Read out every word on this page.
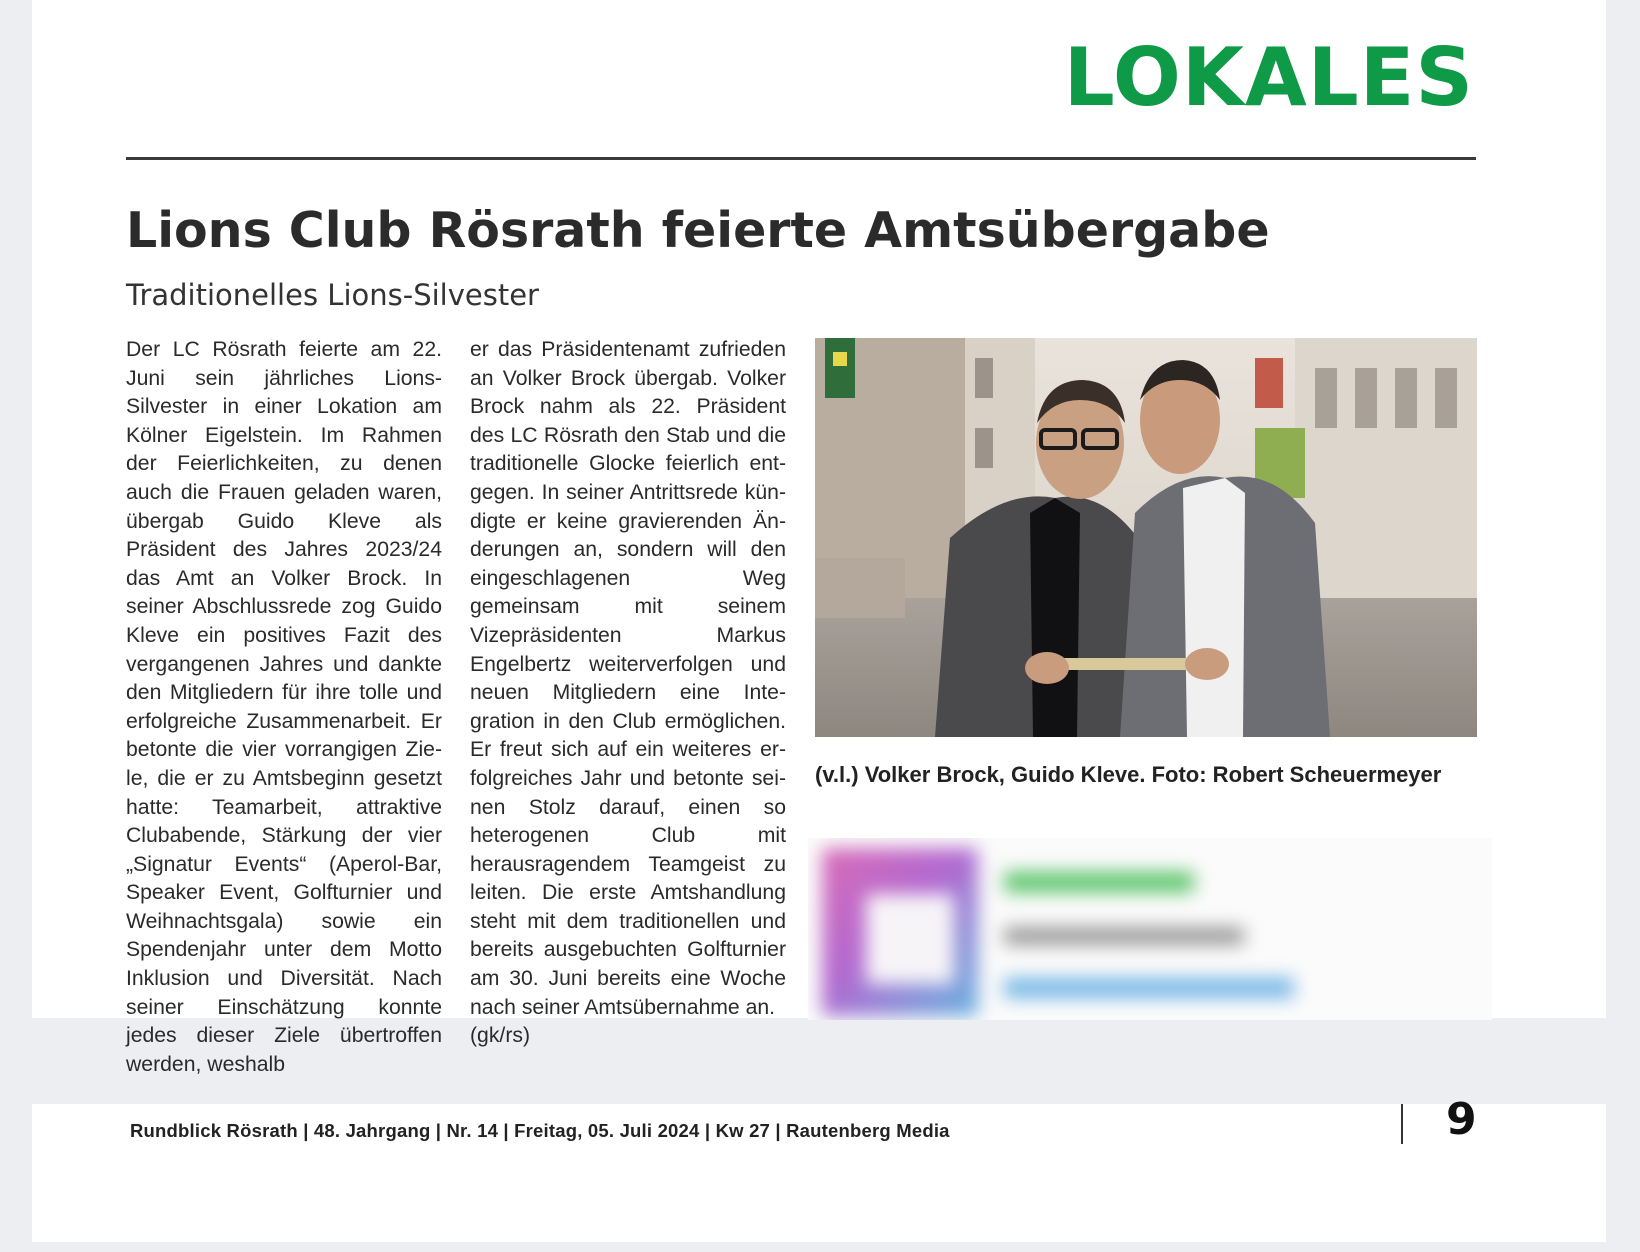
LOKALES
Lions Club Rösrath feierte Amtsübergabe
Traditionelles Lions-Silvester

Der LC Rösrath feierte am 22. Juni sein jährliches Lions-Silvester in einer Lokation am Kölner Eigelstein. Im Rahmen der Feierlichkeiten, zu denen auch die Frauen geladen waren, übergab Guido Kleve als Präsident des Jahres 2023/24 das Amt an Volker Brock. In seiner Abschlussrede zog Guido Kleve ein positives Fazit des vergangenen Jahres und dankte den Mitgliedern für ihre tolle und erfolgreiche Zusammenarbeit. Er betonte die vier vorrangigen Ziele, die er zu Amtsbeginn gesetzt hatte: Teamarbeit, attraktive Clubabende, Stärkung der vier „Signatur Events“ (Aperol-Bar, Speaker Event, Golfturnier und Weihnachtsgala) sowie ein Spendenjahr unter dem Motto Inklusion und Diversität. Nach seiner Einschätzung konnte jedes dieser Ziele übertroffen werden, weshalb

er das Präsidentenamt zufrieden an Volker Brock übergab. Volker Brock nahm als 22. Präsident des LC Rösrath den Stab und die traditionelle Glocke feierlich entgegen. In seiner Antrittsrede kündigte er keine gravierenden Änderungen an, sondern will den eingeschlagenen Weg gemeinsam mit seinem Vizepräsidenten Markus Engelbertz weiterverfolgen und neuen Mitgliedern eine Integration in den Club ermöglichen. Er freut sich auf ein weiteres erfolgreiches Jahr und betonte seinen Stolz darauf, einen so heterogenen Club mit herausragendem Teamgeist zu leiten. Die erste Amtshandlung steht mit dem traditionellen und bereits ausgebuchten Golfturnier am 30. Juni bereits eine Woche nach seiner Amtsübernahme an.
(gk/rs)
(v.l.) Volker Brock, Guido Kleve. Foto: Robert Scheuermeyer
Rundblick Rösrath | 48. Jahrgang | Nr. 14 | Freitag, 05. Juli 2024 | Kw 27 | Rautenberg Media	9
